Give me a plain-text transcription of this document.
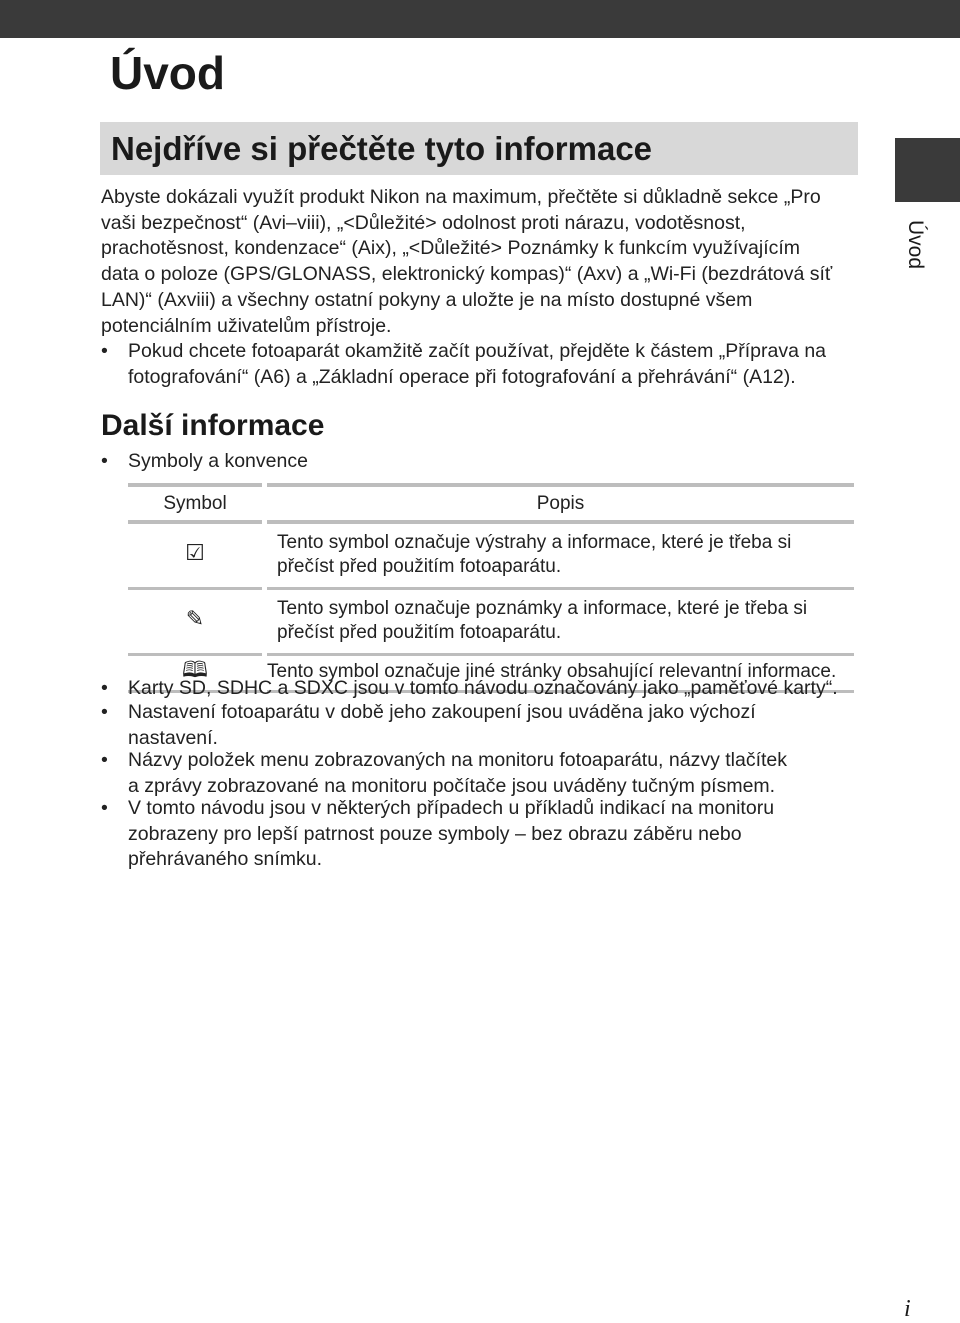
Úvod
Úvod
Nejdříve si přečtěte tyto informace
Abyste dokázali využít produkt Nikon na maximum, přečtěte si důkladně sekce „Pro
vaši bezpečnost“ (Avi–viii), „<Důležité> odolnost proti nárazu, vodotěsnost,
prachotěsnost, kondenzace“ (Aix), „<Důležité> Poznámky k funkcím využívajícím
data o poloze (GPS/GLONASS, elektronický kompas)“ (Axv) a „Wi-Fi (bezdrátová síť
LAN)“ (Axviii) a všechny ostatní pokyny a uložte je na místo dostupné všem
potenciálním uživatelům přístroje.
•	Pokud chcete fotoaparát okamžitě začít používat, přejděte k částem „Příprava na
fotografování“ (A6) a „Základní operace při fotografování a přehrávání“ (A12).
Další informace
•	Symboly a konvence
Symbol	Popis
☑	Tento symbol označuje výstrahy a informace, které je třeba si přečíst před použitím fotoaparátu.
✎	Tento symbol označuje poznámky a informace, které je třeba si přečíst před použitím fotoaparátu.
🕮	Tento symbol označuje jiné stránky obsahující relevantní informace.
•	Karty SD, SDHC a SDXC jsou v tomto návodu označovány jako „paměťové karty“.
•	Nastavení fotoaparátu v době jeho zakoupení jsou uváděna jako výchozí
nastavení.
•	Názvy položek menu zobrazovaných na monitoru fotoaparátu, názvy tlačítek
a zprávy zobrazované na monitoru počítače jsou uváděny tučným písmem.
•	V tomto návodu jsou v některých případech u příkladů indikací na monitoru
zobrazeny pro lepší patrnost pouze symboly – bez obrazu záběru nebo
přehrávaného snímku.
i
